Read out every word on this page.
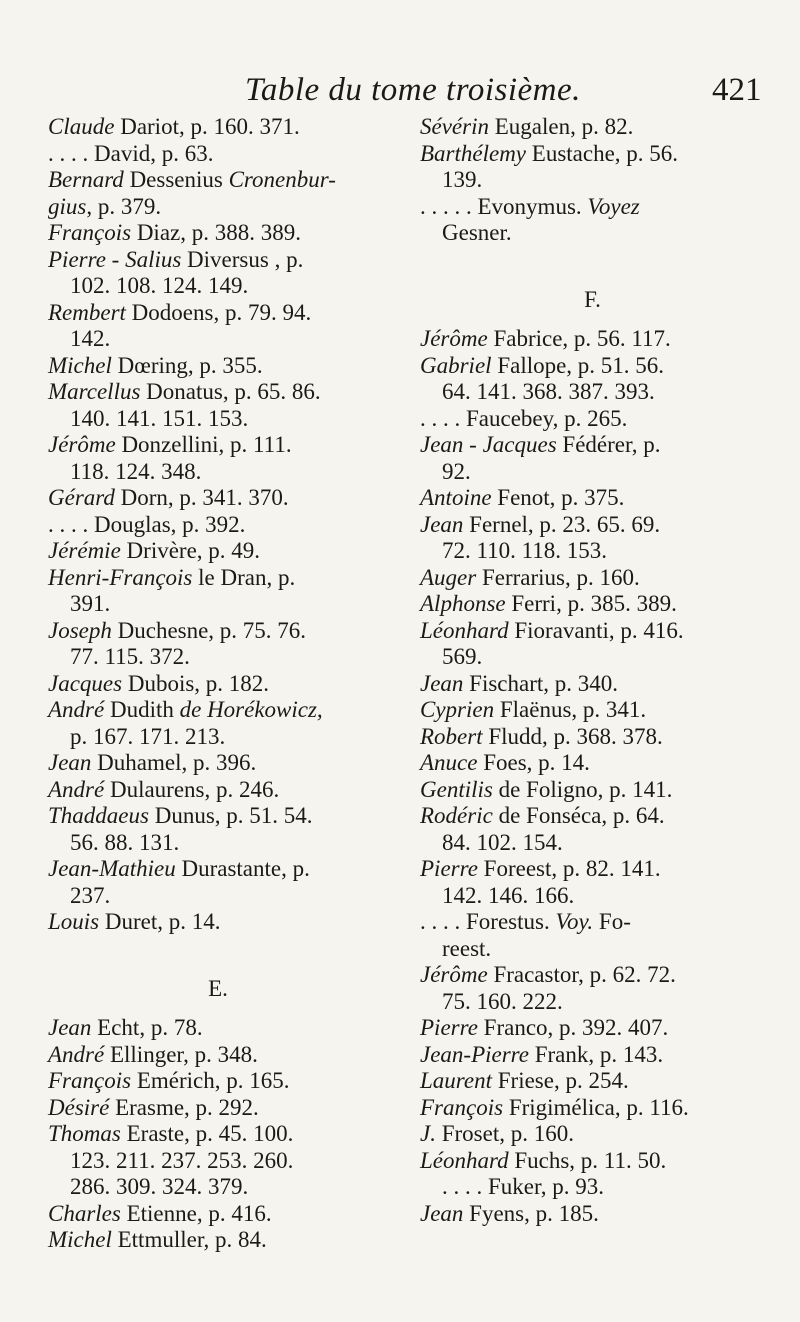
Table du tome troisième.	421
Claude Dariot, p. 160. 371.
. . . . David, p. 63.
Bernard Dessenius Cronenbur-
gius, p. 379.
François Diaz, p. 388. 389.
Pierre - Salius Diversus , p.
102. 108. 124. 149.
Rembert Dodoens, p. 79. 94.
142.
Michel Dœring, p. 355.
Marcellus Donatus, p. 65. 86.
140. 141. 151. 153.
Jérôme Donzellini, p. 111.
118. 124. 348.
Gérard Dorn, p. 341. 370.
. . . . Douglas, p. 392.
Jérémie Drivère, p. 49.
Henri-François le Dran, p.
391.
Joseph Duchesne, p. 75. 76.
77. 115. 372.
Jacques Dubois, p. 182.
André Dudith de Horékowicz,
p. 167. 171. 213.
Jean Duhamel, p. 396.
André Dulaurens, p. 246.
Thaddaeus Dunus, p. 51. 54.
56. 88. 131.
Jean-Mathieu Durastante, p.
237.
Louis Duret, p. 14.
E.
Jean Echt, p. 78.
André Ellinger, p. 348.
François Emérich, p. 165.
Désiré Erasme, p. 292.
Thomas Eraste, p. 45. 100.
123. 211. 237. 253. 260.
286. 309. 324. 379.
Charles Etienne, p. 416.
Michel Ettmuller, p. 84.
Sévérin Eugalen, p. 82.
Barthélemy Eustache, p. 56.
139.
. . . . . Evonymus. Voyez
Gesner.
F.
Jérôme Fabrice, p. 56. 117.
Gabriel Fallope, p. 51. 56.
64. 141. 368. 387. 393.
. . . . Faucebey, p. 265.
Jean - Jacques Fédérer, p.
92.
Antoine Fenot, p. 375.
Jean Fernel, p. 23. 65. 69.
72. 110. 118. 153.
Auger Ferrarius, p. 160.
Alphonse Ferri, p. 385. 389.
Léonhard Fioravanti, p. 416.
569.
Jean Fischart, p. 340.
Cyprien Flaënus, p. 341.
Robert Fludd, p. 368. 378.
Anuce Foes, p. 14.
Gentilis de Foligno, p. 141.
Rodéric de Fonséca, p. 64.
84. 102. 154.
Pierre Foreest, p. 82. 141.
142. 146. 166.
. . . . Forestus. Voy. Fo-
reest.
Jérôme Fracastor, p. 62. 72.
75. 160. 222.
Pierre Franco, p. 392. 407.
Jean-Pierre Frank, p. 143.
Laurent Friese, p. 254.
François Frigimélica, p. 116.
J. Froset, p. 160.
Léonhard Fuchs, p. 11. 50.
. . . . Fuker, p. 93.
Jean Fyens, p. 185.
